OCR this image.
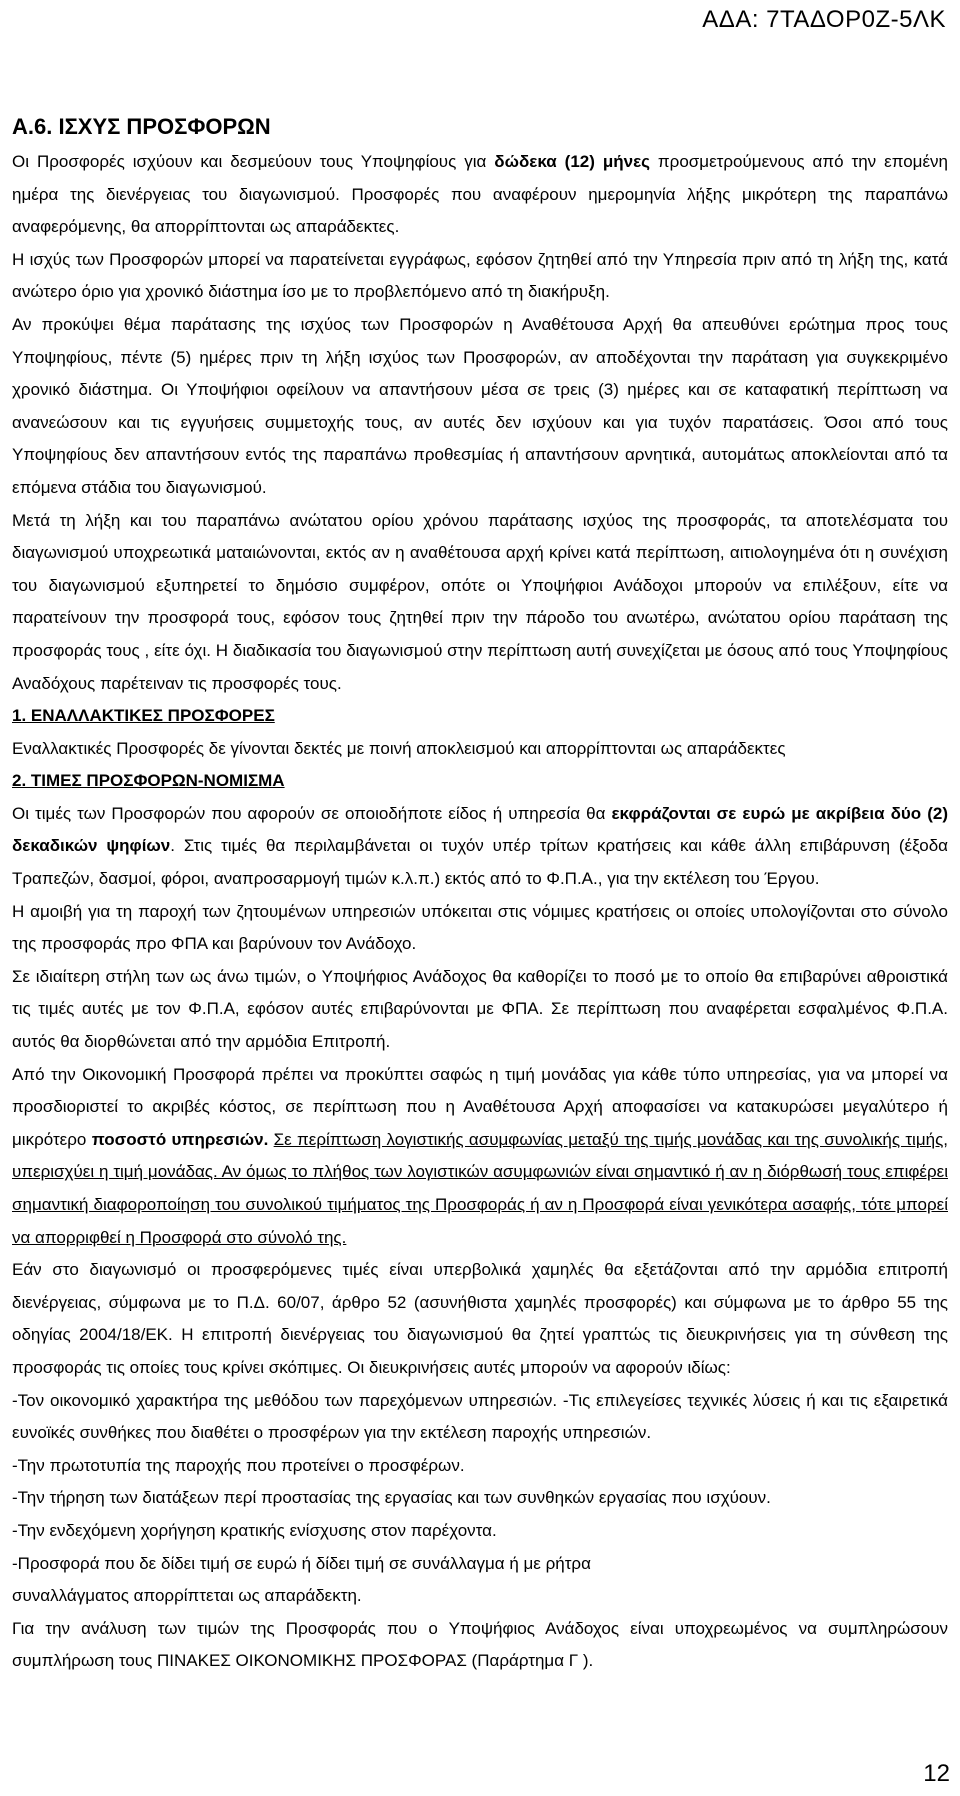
ΑΔΑ: 7ΤΑΔΟΡ0Ζ-5ΛΚ

Α.6. ΙΣΧΥΣ ΠΡΟΣΦΟΡΩΝ

Οι Προσφορές ισχύουν και δεσμεύουν τους Υποψηφίους για δώδεκα (12) μήνες προσμετρούμενους από την επομένη ημέρα της διενέργειας του διαγωνισμού. Προσφορές που αναφέρουν ημερομηνία λήξης μικρότερη της παραπάνω αναφερόμενης, θα απορρίπτονται ως απαράδεκτες.

Η ισχύς των Προσφορών μπορεί να παρατείνεται εγγράφως, εφόσον ζητηθεί από την Υπηρεσία πριν από τη λήξη της, κατά ανώτερο όριο για χρονικό διάστημα ίσο με το προβλεπόμενο από τη διακήρυξη.

Αν προκύψει θέμα παράτασης της ισχύος των Προσφορών η Αναθέτουσα Αρχή θα απευθύνει ερώτημα προς τους Υποψηφίους, πέντε (5) ημέρες πριν τη λήξη ισχύος των Προσφορών, αν αποδέχονται την παράταση για συγκεκριμένο χρονικό διάστημα. Οι Υποψήφιοι οφείλουν να απαντήσουν μέσα σε τρεις (3) ημέρες και σε καταφατική περίπτωση να ανανεώσουν και τις εγγυήσεις συμμετοχής τους, αν αυτές δεν ισχύουν και για τυχόν παρατάσεις. Όσοι από τους Υποψηφίους δεν απαντήσουν εντός της παραπάνω προθεσμίας ή απαντήσουν αρνητικά, αυτομάτως αποκλείονται από τα επόμενα στάδια του διαγωνισμού.

Μετά τη λήξη και του παραπάνω ανώτατου ορίου χρόνου παράτασης ισχύος της προσφοράς, τα αποτελέσματα του διαγωνισμού υποχρεωτικά ματαιώνονται, εκτός αν η αναθέτουσα αρχή κρίνει κατά περίπτωση, αιτιολογημένα ότι η συνέχιση του διαγωνισμού εξυπηρετεί το δημόσιο συμφέρον, οπότε οι Υποψήφιοι Ανάδοχοι μπορούν να επιλέξουν, είτε να παρατείνουν την προσφορά τους, εφόσον τους ζητηθεί πριν την πάροδο του ανωτέρω, ανώτατου ορίου παράταση της προσφοράς τους , είτε όχι. Η διαδικασία του διαγωνισμού στην περίπτωση αυτή συνεχίζεται με όσους από τους Υποψηφίους Αναδόχους παρέτειναν τις προσφορές τους.

1. ΕΝΑΛΛΑΚΤΙΚΕΣ ΠΡΟΣΦΟΡΕΣ

Εναλλακτικές Προσφορές δε γίνονται δεκτές με ποινή αποκλεισμού και απορρίπτονται ως απαράδεκτες

2. ΤΙΜΕΣ ΠΡΟΣΦΟΡΩΝ-ΝΟΜΙΣΜΑ

Οι τιμές των Προσφορών που αφορούν σε οποιοδήποτε είδος ή υπηρεσία θα εκφράζονται σε ευρώ με ακρίβεια δύο (2) δεκαδικών ψηφίων. Στις τιμές θα περιλαμβάνεται οι τυχόν υπέρ τρίτων κρατήσεις και κάθε άλλη επιβάρυνση (έξοδα Τραπεζών, δασμοί, φόροι, αναπροσαρμογή τιμών κ.λ.π.) εκτός από το Φ.Π.Α., για την εκτέλεση του Έργου.

Η αμοιβή για τη παροχή των ζητουμένων υπηρεσιών υπόκειται στις νόμιμες κρατήσεις οι οποίες υπολογίζονται στο σύνολο της προσφοράς προ ΦΠΑ και βαρύνουν τον Ανάδοχο.

Σε ιδιαίτερη στήλη των ως άνω τιμών, ο Υποψήφιος Ανάδοχος θα καθορίζει το ποσό με το οποίο θα επιβαρύνει αθροιστικά τις τιμές αυτές με τον Φ.Π.Α, εφόσον αυτές επιβαρύνονται με ΦΠΑ. Σε περίπτωση που αναφέρεται εσφαλμένος Φ.Π.Α. αυτός θα διορθώνεται από την αρμόδια Επιτροπή.

Από την Οικονομική Προσφορά πρέπει να προκύπτει σαφώς η τιμή μονάδας για κάθε τύπο υπηρεσίας, για να μπορεί να προσδιοριστεί το ακριβές κόστος, σε περίπτωση που η Αναθέτουσα Αρχή αποφασίσει να κατακυρώσει μεγαλύτερο ή μικρότερο ποσοστό υπηρεσιών. Σε περίπτωση λογιστικής ασυμφωνίας μεταξύ της τιμής μονάδας και της συνολικής τιμής, υπερισχύει η τιμή μονάδας. Αν όμως το πλήθος των λογιστικών ασυμφωνιών είναι σημαντικό ή αν η διόρθωσή τους επιφέρει σημαντική διαφοροποίηση του συνολικού τιμήματος της Προσφοράς ή αν η Προσφορά είναι γενικότερα ασαφής, τότε μπορεί να απορριφθεί η Προσφορά στο σύνολό της.

Εάν στο διαγωνισμό οι προσφερόμενες τιμές είναι υπερβολικά χαμηλές θα εξετάζονται από την αρμόδια επιτροπή διενέργειας, σύμφωνα με το Π.Δ. 60/07, άρθρο 52 (ασυνήθιστα χαμηλές προσφορές) και σύμφωνα με το άρθρο 55 της οδηγίας 2004/18/ΕΚ. Η επιτροπή διενέργειας του διαγωνισμού θα ζητεί γραπτώς τις διευκρινήσεις για τη σύνθεση της προσφοράς τις οποίες τους κρίνει σκόπιμες. Οι διευκρινήσεις αυτές μπορούν να αφορούν ιδίως:

-Τον οικονομικό χαρακτήρα της μεθόδου των παρεχόμενων υπηρεσιών. -Τις επιλεγείσες τεχνικές λύσεις ή και τις εξαιρετικά ευνοϊκές συνθήκες που διαθέτει ο προσφέρων για την εκτέλεση παροχής υπηρεσιών.

-Την πρωτοτυπία της παροχής που προτείνει ο προσφέρων.

-Την τήρηση των διατάξεων περί προστασίας της εργασίας και των συνθηκών εργασίας που ισχύουν.

-Την ενδεχόμενη χορήγηση κρατικής ενίσχυσης στον παρέχοντα.

-Προσφορά που δε δίδει τιμή σε ευρώ ή δίδει τιμή σε συνάλλαγμα ή με ρήτρα

συναλλάγματος απορρίπτεται ως απαράδεκτη.

Για την ανάλυση των τιμών της Προσφοράς που ο Υποψήφιος Ανάδοχος είναι υποχρεωμένος να συμπληρώσουν συμπλήρωση τους ΠΙΝΑΚΕΣ ΟΙΚΟΝΟΜΙΚΗΣ ΠΡΟΣΦΟΡΑΣ (Παράρτημα Γ ).

12
